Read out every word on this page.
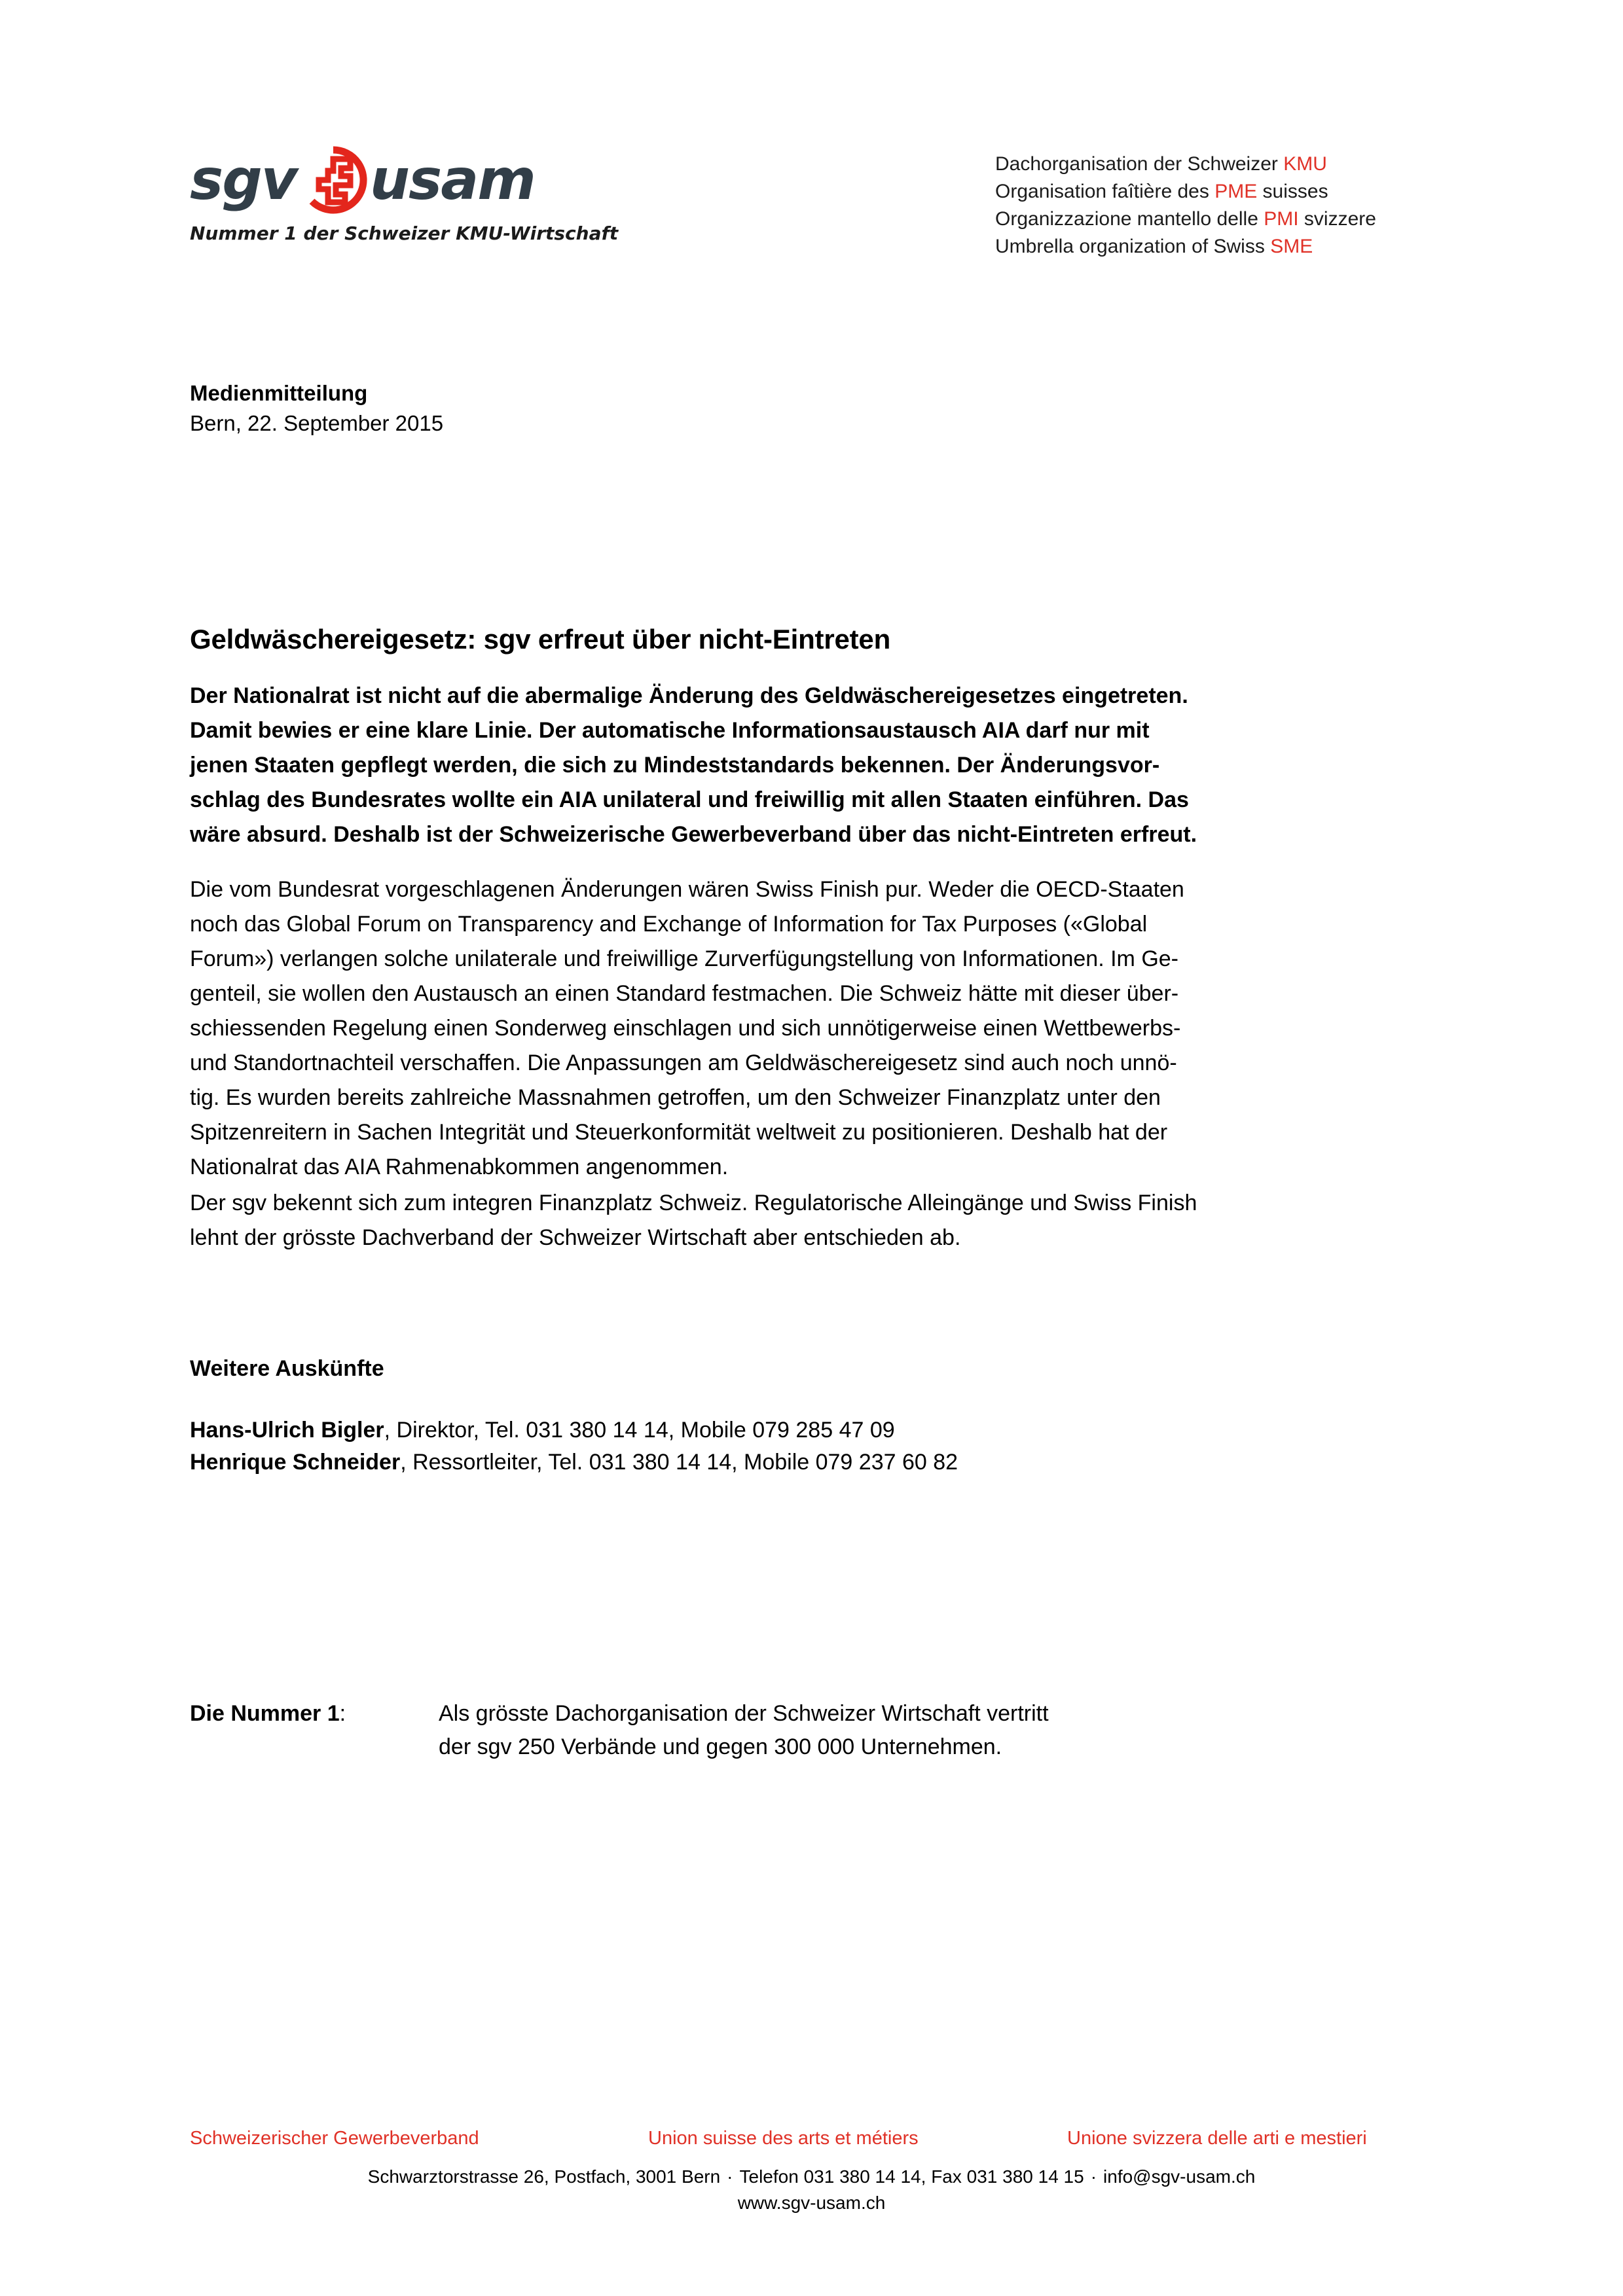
sgv usam
Nummer 1 der Schweizer KMU-Wirtschaft
Dachorganisation der Schweizer KMU
Organisation faîtière des PME suisses
Organizzazione mantello delle PMI svizzere
Umbrella organization of Swiss SME
Medienmitteilung
Bern, 22. September 2015
Geldwäschereigesetz: sgv erfreut über nicht-Eintreten
Der Nationalrat ist nicht auf die abermalige Änderung des Geldwäschereigesetzes eingetreten.
Damit bewies er eine klare Linie. Der automatische Informationsaustausch AIA darf nur mit
jenen Staaten gepflegt werden, die sich zu Mindeststandards bekennen. Der Änderungsvor-
schlag des Bundesrates wollte ein AIA unilateral und freiwillig mit allen Staaten einführen. Das
wäre absurd. Deshalb ist der Schweizerische Gewerbeverband über das nicht-Eintreten erfreut.
Die vom Bundesrat vorgeschlagenen Änderungen wären Swiss Finish pur. Weder die OECD-Staaten
noch das Global Forum on Transparency and Exchange of Information for Tax Purposes («Global
Forum») verlangen solche unilaterale und freiwillige Zurverfügungstellung von Informationen. Im Ge-
genteil, sie wollen den Austausch an einen Standard festmachen. Die Schweiz hätte mit dieser über-
schiessenden Regelung einen Sonderweg einschlagen und sich unnötigerweise einen Wettbewerbs-
und Standortnachteil verschaffen. Die Anpassungen am Geldwäschereigesetz sind auch noch unnö-
tig. Es wurden bereits zahlreiche Massnahmen getroffen, um den Schweizer Finanzplatz unter den
Spitzenreitern in Sachen Integrität und Steuerkonformität weltweit zu positionieren. Deshalb hat der
Nationalrat das AIA Rahmenabkommen angenommen.
Der sgv bekennt sich zum integren Finanzplatz Schweiz. Regulatorische Alleingänge und Swiss Finish
lehnt der grösste Dachverband der Schweizer Wirtschaft aber entschieden ab.
Weitere Auskünfte
Hans-Ulrich Bigler, Direktor, Tel. 031 380 14 14, Mobile 079 285 47 09
Henrique Schneider, Ressortleiter, Tel. 031 380 14 14, Mobile 079 237 60 82
Die Nummer 1:	Als grösste Dachorganisation der Schweizer Wirtschaft vertritt
der sgv 250 Verbände und gegen 300 000 Unternehmen.
Schweizerischer Gewerbeverband	Union suisse des arts et métiers	Unione svizzera delle arti e mestieri
Schwarztorstrasse 26, Postfach, 3001 Bern · Telefon 031 380 14 14, Fax 031 380 14 15 · info@sgv-usam.ch
www.sgv-usam.ch
